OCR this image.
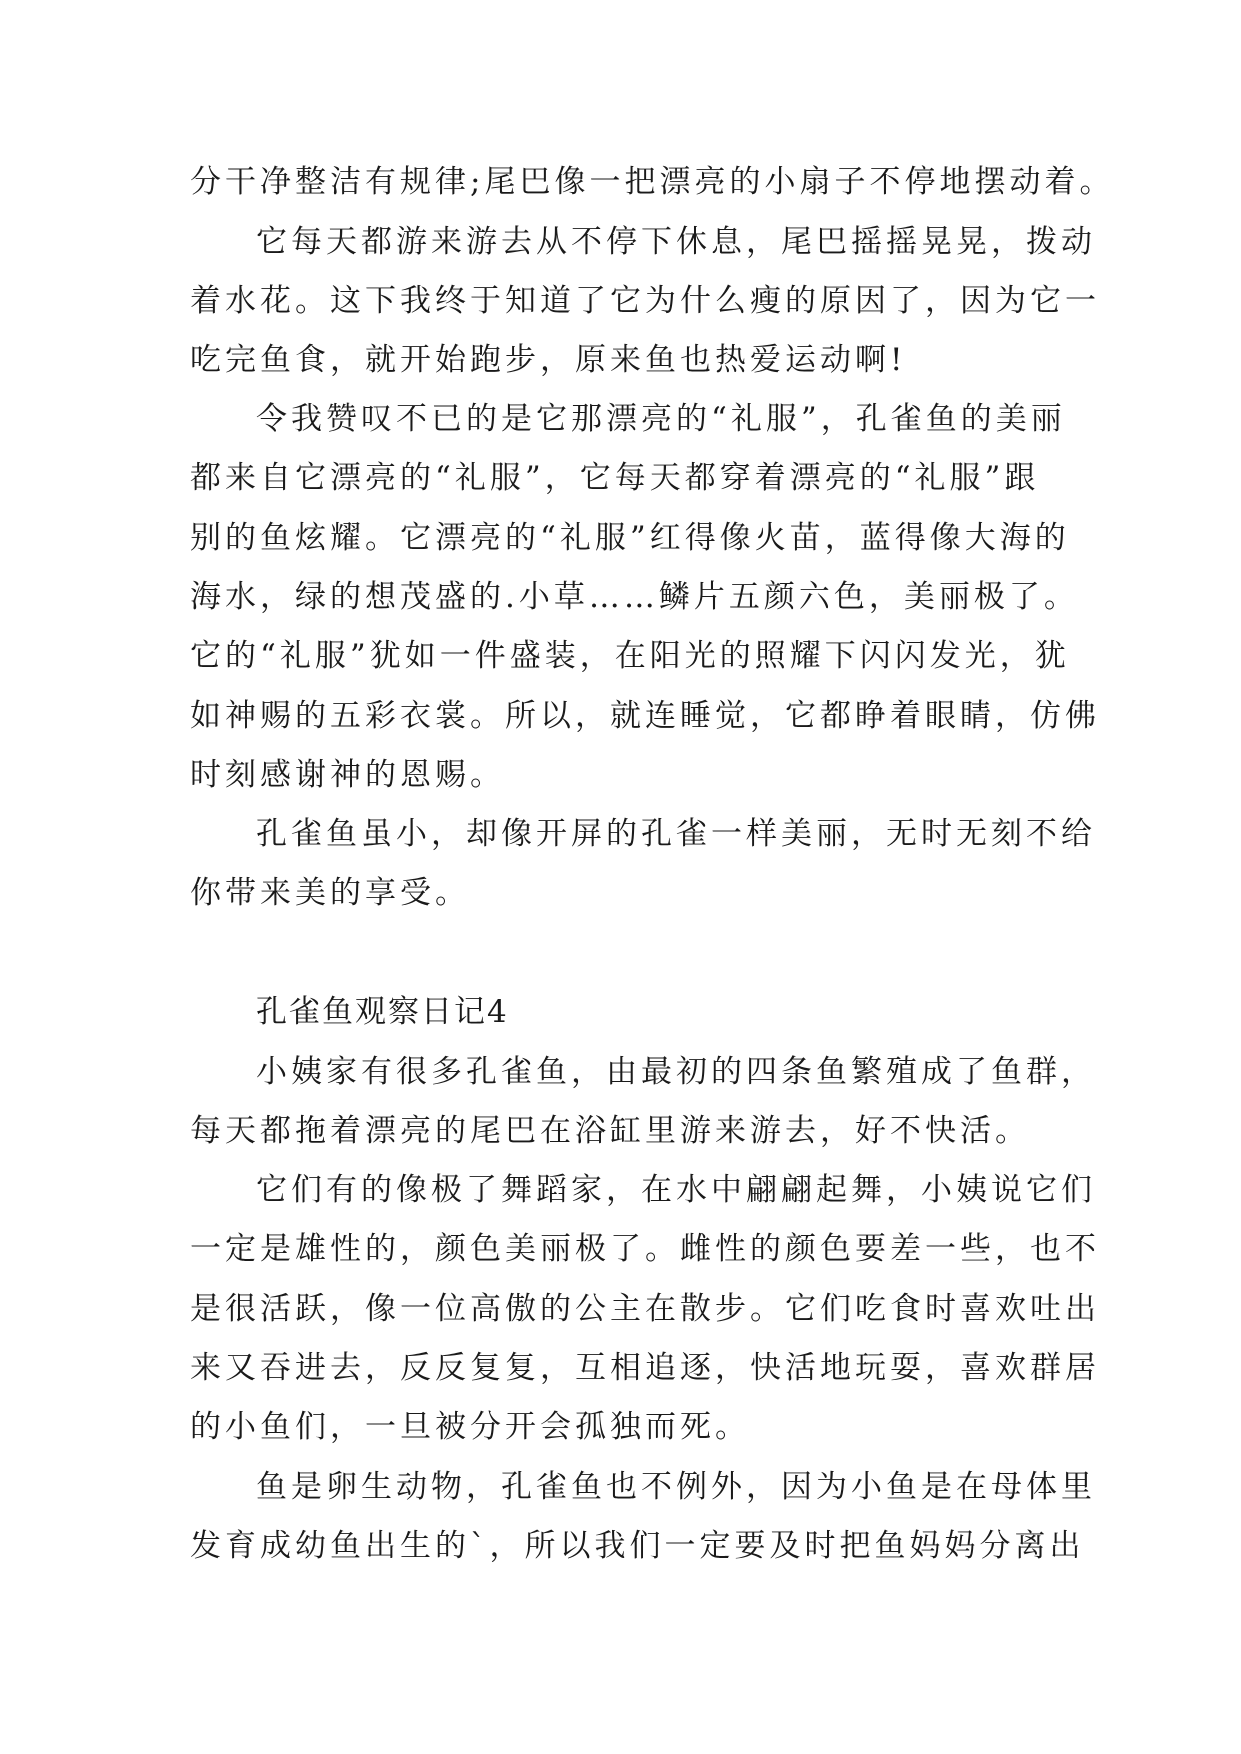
分干净整洁有规律;尾巴像一把漂亮的小扇子不停地摆动着。
它每天都游来游去从不停下休息，尾巴摇摇晃晃，拨动
着水花。这下我终于知道了它为什么瘦的原因了，因为它一
吃完鱼食，就开始跑步，原来鱼也热爱运动啊!
令我赞叹不已的是它那漂亮的“礼服”，孔雀鱼的美丽
都来自它漂亮的“礼服”，它每天都穿着漂亮的“礼服”跟
别的鱼炫耀。它漂亮的“礼服”红得像火苗，蓝得像大海的
海水，绿的想茂盛的.小草……鳞片五颜六色，美丽极了。
它的“礼服”犹如一件盛装，在阳光的照耀下闪闪发光，犹
如神赐的五彩衣裳。所以，就连睡觉，它都睁着眼睛，仿佛
时刻感谢神的恩赐。
孔雀鱼虽小，却像开屏的孔雀一样美丽，无时无刻不给
你带来美的享受。
孔雀鱼观察日记4
小姨家有很多孔雀鱼，由最初的四条鱼繁殖成了鱼群，
每天都拖着漂亮的尾巴在浴缸里游来游去，好不快活。
它们有的像极了舞蹈家，在水中翩翩起舞，小姨说它们
一定是雄性的，颜色美丽极了。雌性的颜色要差一些，也不
是很活跃，像一位高傲的公主在散步。它们吃食时喜欢吐出
来又吞进去，反反复复，互相追逐，快活地玩耍，喜欢群居
的小鱼们，一旦被分开会孤独而死。
鱼是卵生动物，孔雀鱼也不例外，因为小鱼是在母体里
发育成幼鱼出生的`，所以我们一定要及时把鱼妈妈分离出
